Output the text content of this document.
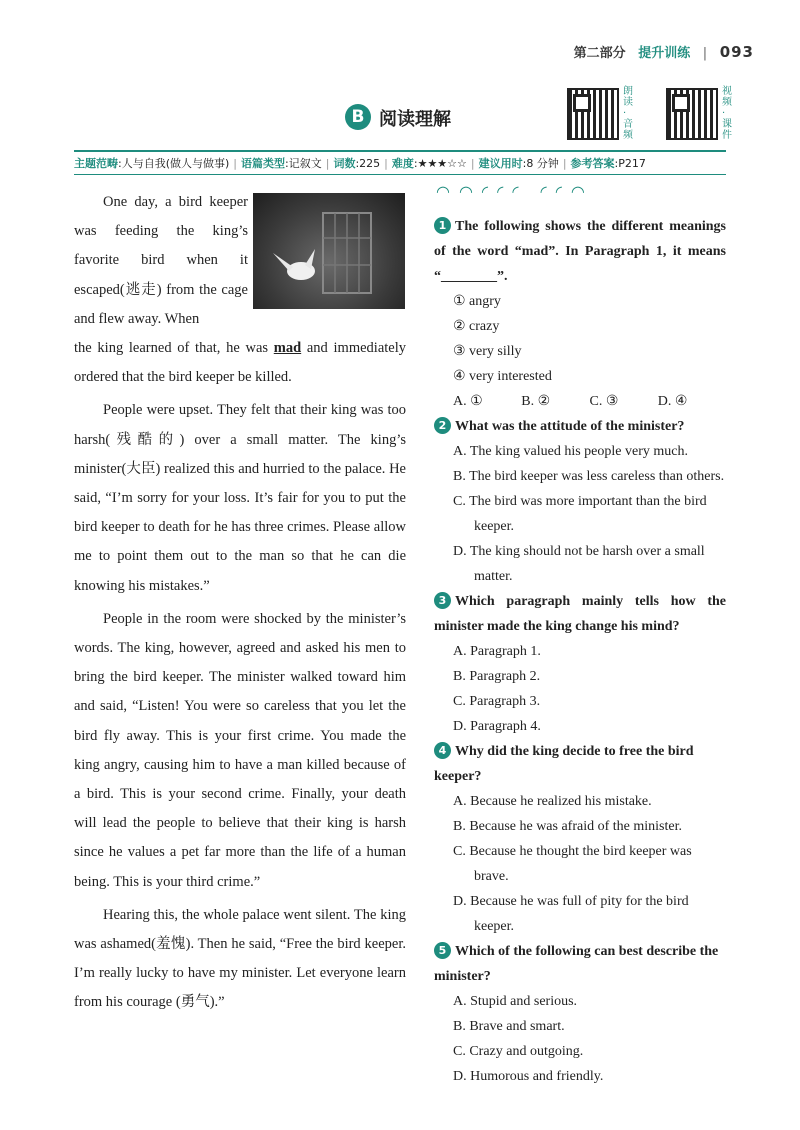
第二部分 提升训练 | 093
B 阅读理解
朗读·音频
视频·课件
主题范畴:人与自我(做人与做事) | 语篇类型:记叙文 | 词数:225 | 难度:★★★☆☆ | 建议用时:8 分钟 | 参考答案:P217

One day, a bird keeper was feeding the king’s favorite bird when it escaped(逃走) from the cage and flew away. When

the king learned of that, he was mad and immediately ordered that the bird keeper be killed.

People were upset. They felt that their king was too harsh(残酷的) over a small matter. The king’s minister(大臣) realized this and hurried to the palace. He said, “I’m sorry for your loss. It’s fair for you to put the bird keeper to death for he has three crimes. Please allow me to point them out to the man so that he can die knowing his mistakes.”

People in the room were shocked by the minister’s words. The king, however, agreed and asked his men to bring the bird keeper. The minister walked toward him and said, “Listen! You were so careless that you let the bird fly away. This is your first crime. You made the king angry, causing him to have a man killed because of a bird. This is your second crime. Finally, your death will lead the people to believe that their king is harsh since he values a pet far more than the life of a human being. This is your third crime.”

Hearing this, the whole palace went silent. The king was ashamed(羞愧). Then he said, “Free the bird keeper. I’m really lucky to have my minister. Let everyone learn from his courage (勇气).”

◠◠◜◜◜ ◜◜◠
1 The following shows the different meanings of the word “mad”. In Paragraph 1, it means “________”.
① angry
② crazy
③ very silly
④ very interested
A. ①	B. ②	C. ③	D. ④
2 What was the attitude of the minister?
A. The king valued his people very much.
B. The bird keeper was less careless than others.
C. The bird was more important than the bird keeper.
D. The king should not be harsh over a small matter.
3 Which paragraph mainly tells how the minister made the king change his mind?
A. Paragraph 1.
B. Paragraph 2.
C. Paragraph 3.
D. Paragraph 4.
4 Why did the king decide to free the bird keeper?
A. Because he realized his mistake.
B. Because he was afraid of the minister.
C. Because he thought the bird keeper was brave.
D. Because he was full of pity for the bird keeper.
5 Which of the following can best describe the minister?
A. Stupid and serious.
B. Brave and smart.
C. Crazy and outgoing.
D. Humorous and friendly.
